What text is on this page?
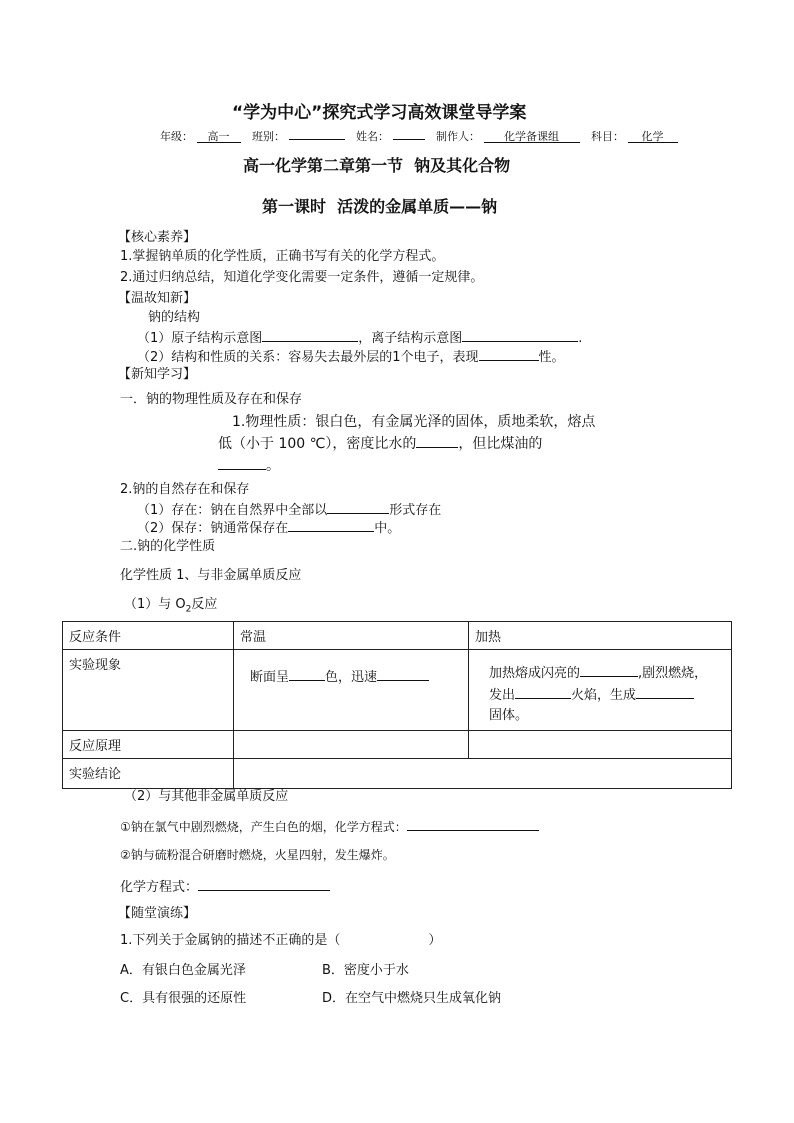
“学为中心”探究式学习高效课堂导学案
年级： 高一 班别：	姓名：	制作人： 化学备课组	科目： 化学
高一化学第二章第一节  钠及其化合物
第一课时  活泼的金属单质——钠
【核心素养】
1.掌握钠单质的化学性质，正确书写有关的化学方程式。
2.通过归纳总结，知道化学变化需要一定条件，遵循一定规律。
【温故知新】
钠的结构
（1）原子结构示意图	，离子结构示意图	.
（2）结构和性质的关系：容易失去最外层的1个电子，表现	性。
【新知学习】
一．钠的物理性质及存在和保存
1.物理性质：银白色，有金属光泽的固体，质地柔软，熔点
低（小于 100 ℃），密度比水的	，但比煤油的
。
2.钠的自然存在和保存
（1）存在：钠在自然界中全部以	形式存在
（2）保存：钠通常保存在	中。
二.钠的化学性质
化学性质 1、与非金属单质反应
（1）与 $O_2$反应
反应条件	常温	加热
实验现象	断面呈 色，迅速	加热熔成闪亮的 ,剧烈燃烧，
发出 火焰，生成
固体。
反应原理		
实验结论		
（2）与其他非金属单质反应
①钠在氯气中剧烈燃烧，产生白色的烟，化学方程式：
②钠与硫粉混合研磨时燃烧，火星四射，发生爆炸。
化学方程式：
【随堂演练】
1.下列关于金属钠的描述不正确的是（	）
A．有银白色金属光泽	B．密度小于水
C．具有很强的还原性	D．在空气中燃烧只生成氧化钠
